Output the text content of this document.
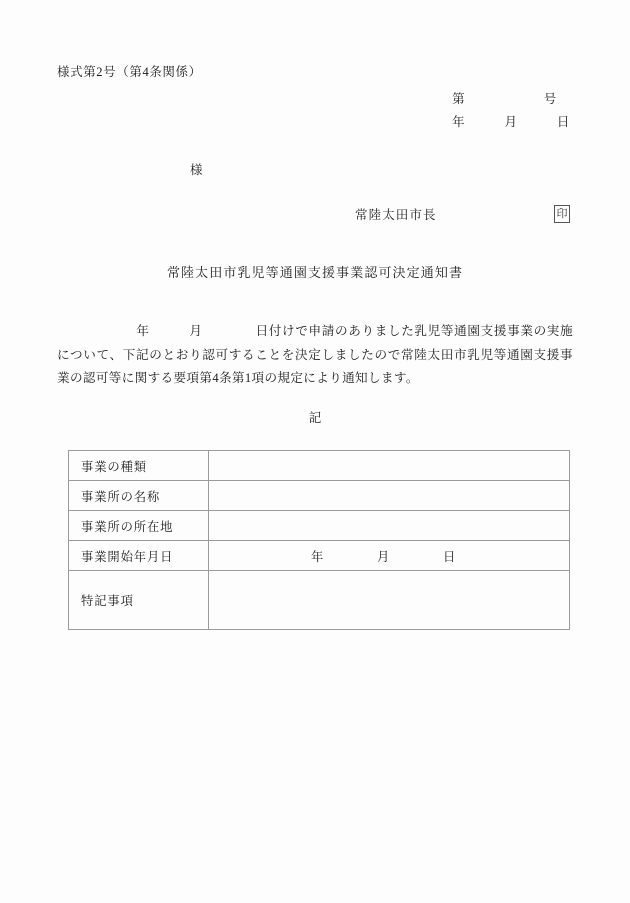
様式第2号（第4条関係）
第　　　　　　号
年　　　月　　　日
様
常陸太田市長	印
常陸太田市乳児等通園支援事業認可決定通知書
　　　　　　年　　　月　　　　日付けで申請のありました乳児等通園支援事業の実施について、下記のとおり認可することを決定しましたので常陸太田市乳児等通園支援事業の認可等に関する要項第4条第1項の規定により通知します。
記
事業の種類	
事業所の名称	
事業所の所在地	
事業開始年月日	年　　　　月　　　　日
特記事項	
